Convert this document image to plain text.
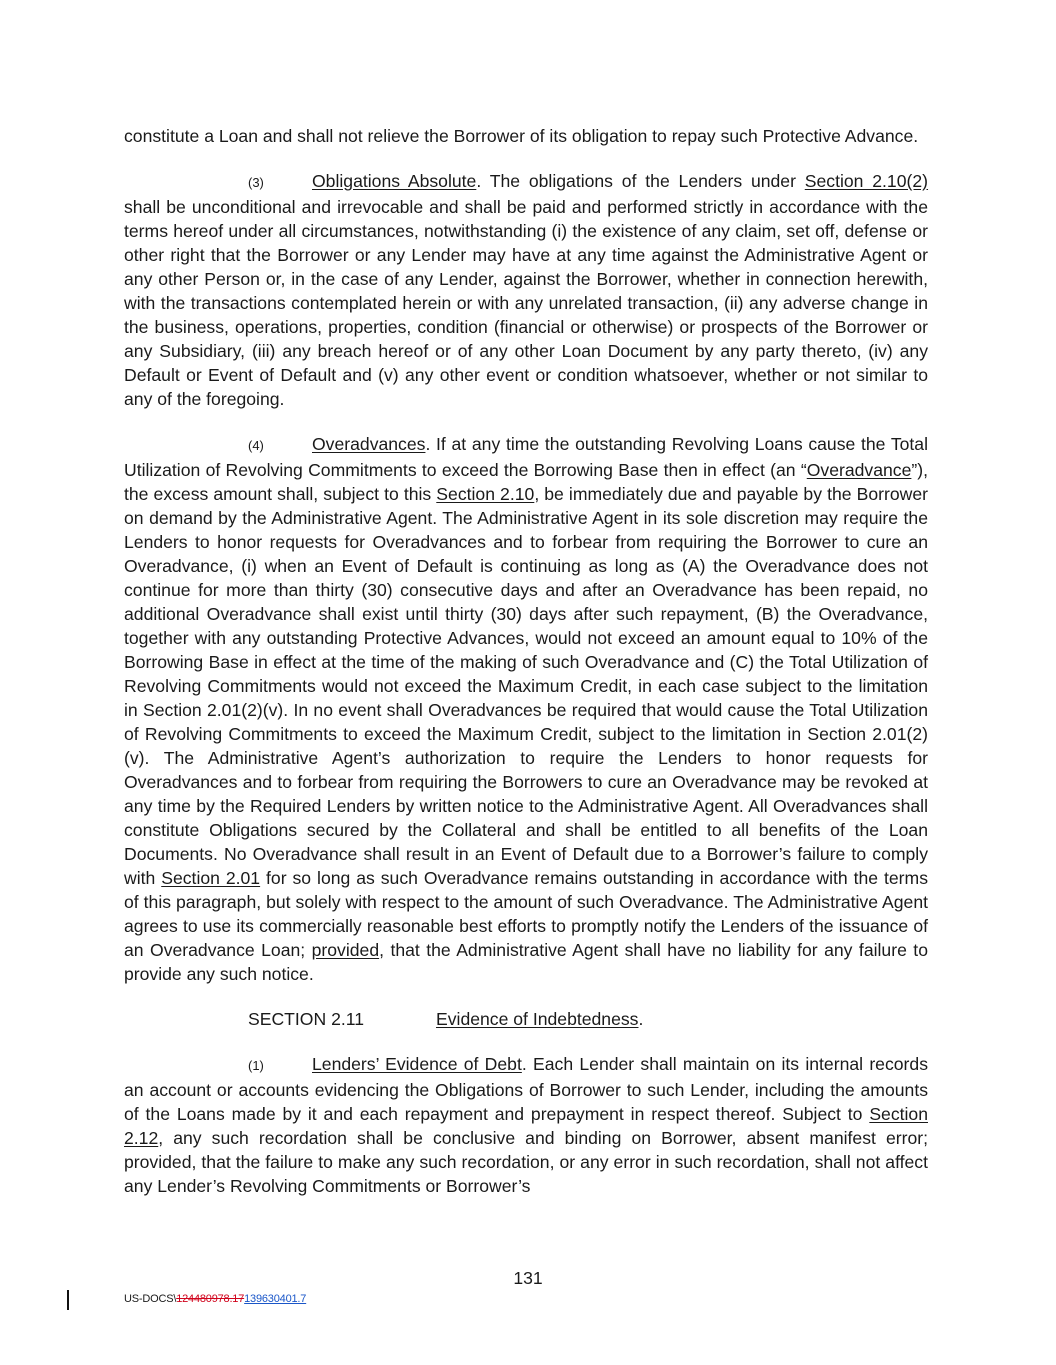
constitute a Loan and shall not relieve the Borrower of its obligation to repay such Protective Advance.

(3)	Obligations Absolute. The obligations of the Lenders under Section 2.10(2) shall be unconditional and irrevocable and shall be paid and performed strictly in accordance with the terms hereof under all circumstances, notwithstanding (i) the existence of any claim, set off, defense or other right that the Borrower or any Lender may have at any time against the Administrative Agent or any other Person or, in the case of any Lender, against the Borrower, whether in connection herewith, with the transactions contemplated herein or with any unrelated transaction, (ii) any adverse change in the business, operations, properties, condition (financial or otherwise) or prospects of the Borrower or any Subsidiary, (iii) any breach hereof or of any other Loan Document by any party thereto, (iv) any Default or Event of Default and (v) any other event or condition whatsoever, whether or not similar to any of the foregoing.

(4)	Overadvances. If at any time the outstanding Revolving Loans cause the Total Utilization of Revolving Commitments to exceed the Borrowing Base then in effect (an “Overadvance”), the excess amount shall, subject to this Section 2.10, be immediately due and payable by the Borrower on demand by the Administrative Agent. The Administrative Agent in its sole discretion may require the Lenders to honor requests for Overadvances and to forbear from requiring the Borrower to cure an Overadvance, (i) when an Event of Default is continuing as long as (A) the Overadvance does not continue for more than thirty (30) consecutive days and after an Overadvance has been repaid, no additional Overadvance shall exist until thirty (30) days after such repayment, (B) the Overadvance, together with any outstanding Protective Advances, would not exceed an amount equal to 10% of the Borrowing Base in effect at the time of the making of such Overadvance and (C) the Total Utilization of Revolving Commitments would not exceed the Maximum Credit, in each case subject to the limitation in Section 2.01(2)(v). In no event shall Overadvances be required that would cause the Total Utilization of Revolving Commitments to exceed the Maximum Credit, subject to the limitation in Section 2.01(2)(v). The Administrative Agent’s authorization to require the Lenders to honor requests for Overadvances and to forbear from requiring the Borrowers to cure an Overadvance may be revoked at any time by the Required Lenders by written notice to the Administrative Agent. All Overadvances shall constitute Obligations secured by the Collateral and shall be entitled to all benefits of the Loan Documents. No Overadvance shall result in an Event of Default due to a Borrower’s failure to comply with Section 2.01 for so long as such Overadvance remains outstanding in accordance with the terms of this paragraph, but solely with respect to the amount of such Overadvance. The Administrative Agent agrees to use its commercially reasonable best efforts to promptly notify the Lenders of the issuance of an Overadvance Loan; provided, that the Administrative Agent shall have no liability for any failure to provide any such notice.

SECTION 2.11	Evidence of Indebtedness.

(1)	Lenders’ Evidence of Debt. Each Lender shall maintain on its internal records an account or accounts evidencing the Obligations of Borrower to such Lender, including the amounts of the Loans made by it and each repayment and prepayment in respect thereof. Subject to Section 2.12, any such recordation shall be conclusive and binding on Borrower, absent manifest error; provided, that the failure to make any such recordation, or any error in such recordation, shall not affect any Lender’s Revolving Commitments or Borrower’s

131
US-DOCS\124480978.17139630401.7
